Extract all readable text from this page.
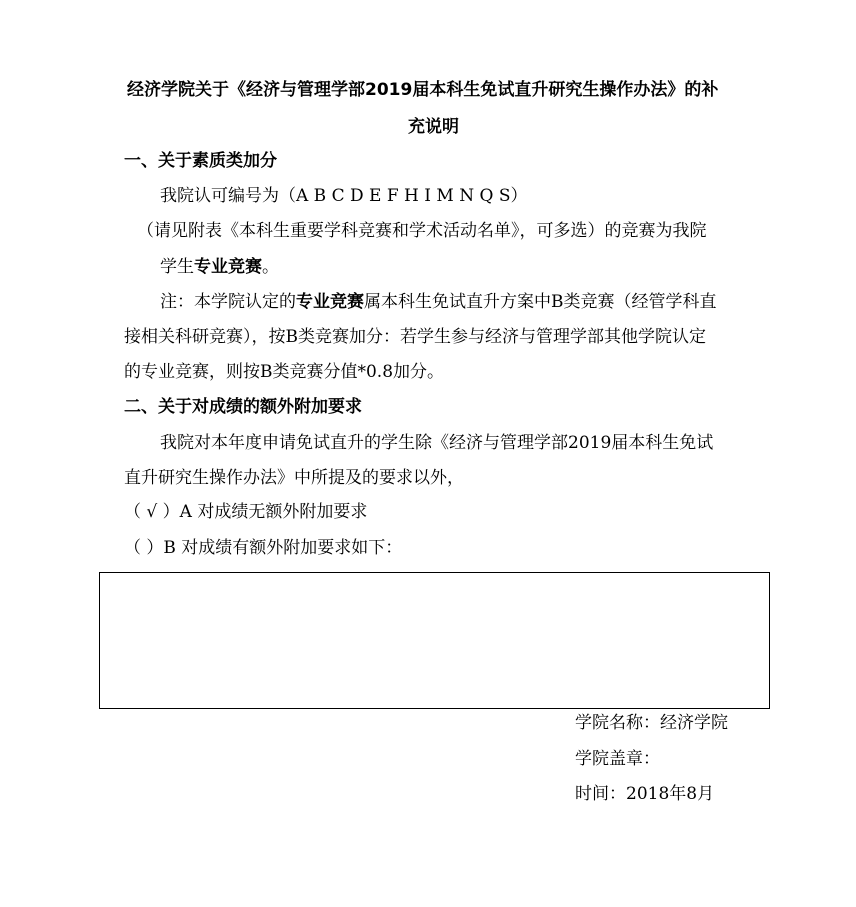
经济学院关于《经济与管理学部2019届本科生免试直升研究生操作办法》的补
充说明
一、关于素质类加分
我院认可编号为（A B C D E F H I M N Q S）
（请见附表《本科生重要学科竞赛和学术活动名单》，可多选）的竞赛为我院
学生专业竞赛。
注：本学院认定的专业竞赛属本科生免试直升方案中B类竞赛（经管学科直
接相关科研竞赛），按B类竞赛加分：若学生参与经济与管理学部其他学院认定
的专业竞赛，则按B类竞赛分值*0.8加分。
二、关于对成绩的额外附加要求
我院对本年度申请免试直升的学生除《经济与管理学部2019届本科生免试
直升研究生操作办法》中所提及的要求以外，
（ √ ）A 对成绩无额外附加要求
（ ）B 对成绩有额外附加要求如下：
学院名称：经济学院
学院盖章：
时间：2018年8月
